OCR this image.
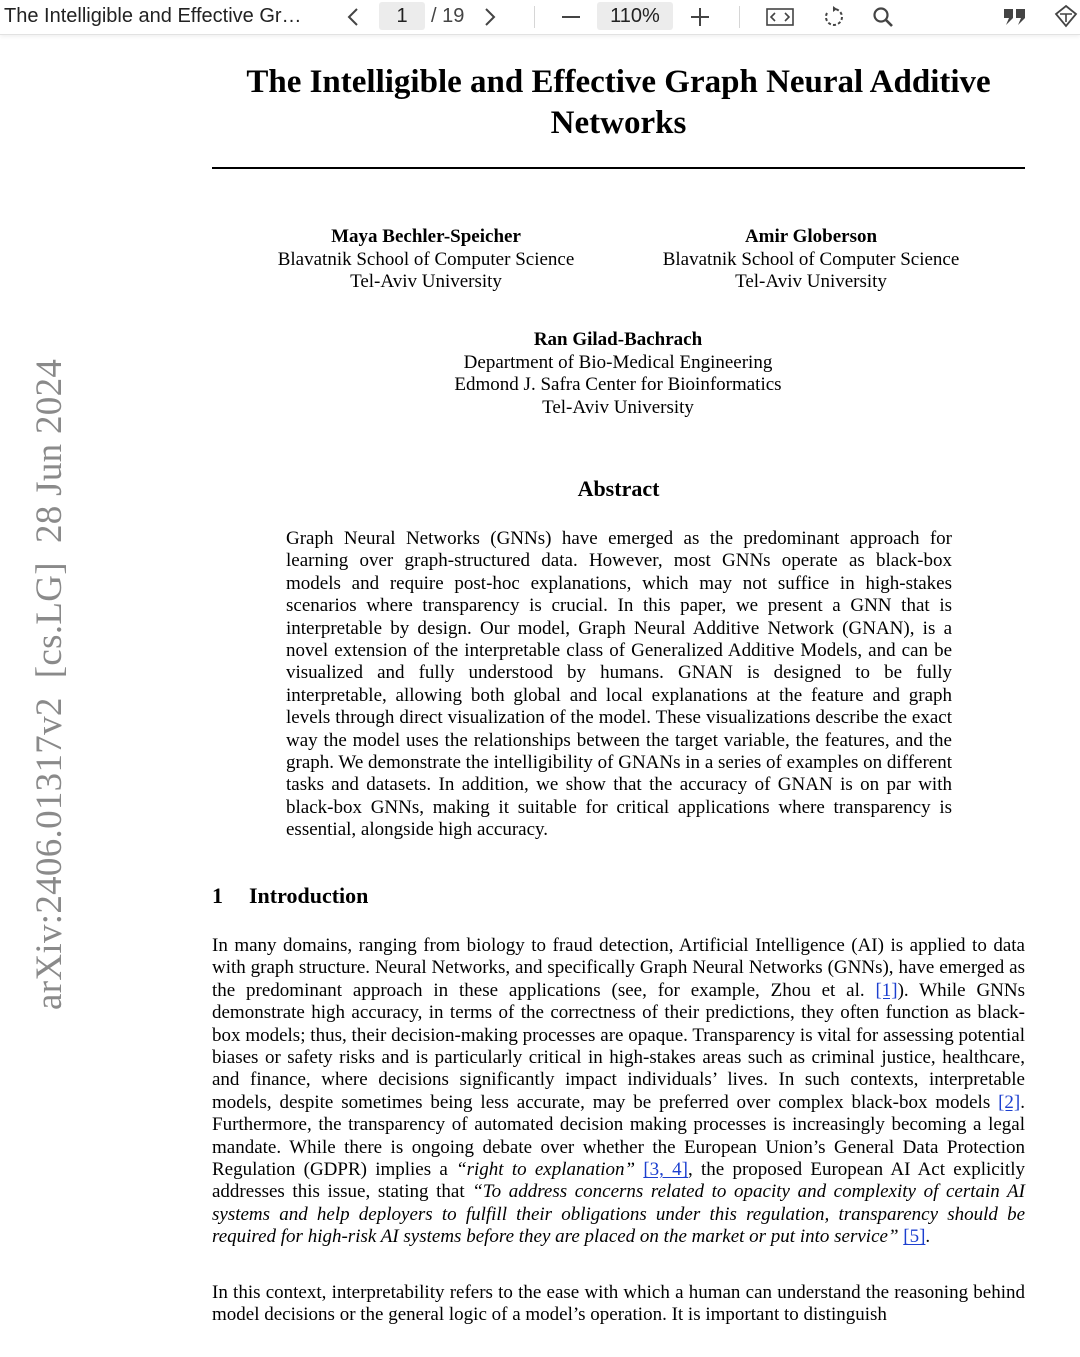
The Intelligible and Effective Gr…
1	/ 19	110%
arXiv:2406.01317v2  [cs.LG]  28 Jun 2024
The Intelligible and Effective Graph Neural Additive Networks
Maya Bechler-Speicher
Blavatnik School of Computer Science
Tel-Aviv University
Amir Globerson
Blavatnik School of Computer Science
Tel-Aviv University
Ran Gilad-Bachrach
Department of Bio-Medical Engineering
Edmond J. Safra Center for Bioinformatics
Tel-Aviv University
Abstract
Graph Neural Networks (GNNs) have emerged as the predominant approach for learning over graph-structured data. However, most GNNs operate as black-box models and require post-hoc explanations, which may not suffice in high-stakes scenarios where transparency is crucial. In this paper, we present a GNN that is interpretable by design. Our model, Graph Neural Additive Network (GNAN), is a novel extension of the interpretable class of Generalized Additive Models, and can be visualized and fully understood by humans. GNAN is designed to be fully interpretable, allowing both global and local explanations at the feature and graph levels through direct visualization of the model. These visualizations describe the exact way the model uses the relationships between the target variable, the features, and the graph. We demonstrate the intelligibility of GNANs in a series of examples on different tasks and datasets. In addition, we show that the accuracy of GNAN is on par with black-box GNNs, making it suitable for critical applications where transparency is essential, alongside high accuracy.
1 Introduction
In many domains, ranging from biology to fraud detection, Artificial Intelligence (AI) is applied to data with graph structure. Neural Networks, and specifically Graph Neural Networks (GNNs), have emerged as the predominant approach in these applications (see, for example, Zhou et al. [1]). While GNNs demonstrate high accuracy, in terms of the correctness of their predictions, they often function as black-box models; thus, their decision-making processes are opaque. Transparency is vital for assessing potential biases or safety risks and is particularly critical in high-stakes areas such as criminal justice, healthcare, and finance, where decisions significantly impact individuals’ lives. In such contexts, interpretable models, despite sometimes being less accurate, may be preferred over complex black-box models [2]. Furthermore, the transparency of automated decision making processes is increasingly becoming a legal mandate. While there is ongoing debate over whether the European Union’s General Data Protection Regulation (GDPR) implies a “right to explanation” [3, 4], the proposed European AI Act explicitly addresses this issue, stating that “To address concerns related to opacity and complexity of certain AI systems and help deployers to fulfill their obligations under this regulation, transparency should be required for high-risk AI systems before they are placed on the market or put into service” [5].
In this context, interpretability refers to the ease with which a human can understand the reasoning behind model decisions or the general logic of a model’s operation. It is important to distinguish
